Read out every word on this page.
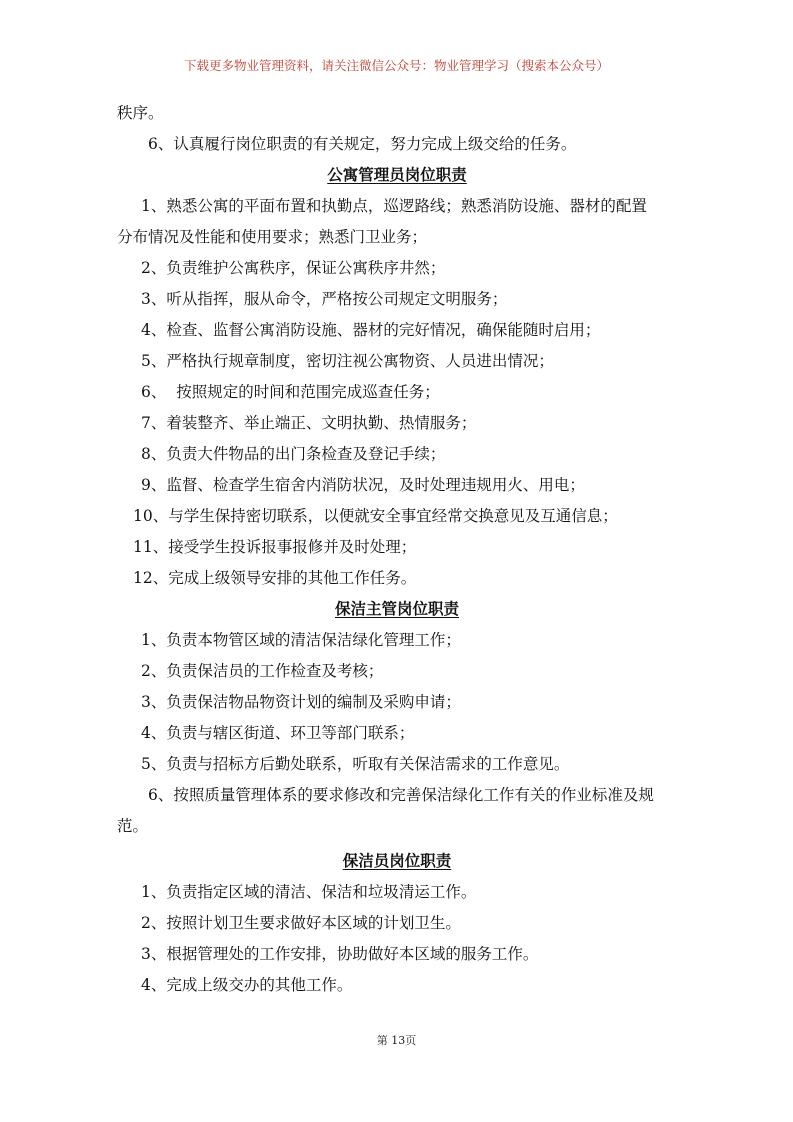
下载更多物业管理资料，请关注微信公众号：物业管理学习（搜索本公众号）
秩序。
6、认真履行岗位职责的有关规定，努力完成上级交给的任务。
公寓管理员岗位职责
1、熟悉公寓的平面布置和执勤点，巡逻路线；熟悉消防设施、器材的配置
分布情况及性能和使用要求；熟悉门卫业务；
2、负责维护公寓秩序，保证公寓秩序井然；
3、听从指挥，服从命令，严格按公司规定文明服务；
4、检查、监督公寓消防设施、器材的完好情况，确保能随时启用；
5、严格执行规章制度，密切注视公寓物资、人员进出情况；
6、  按照规定的时间和范围完成巡查任务；
7、着装整齐、举止端正、文明执勤、热情服务；
8、负责大件物品的出门条检查及登记手续；
9、监督、检查学生宿舍内消防状况，及时处理违规用火、用电；
10、与学生保持密切联系，以便就安全事宜经常交换意见及互通信息；
11、接受学生投诉报事报修并及时处理；
12、完成上级领导安排的其他工作任务。
保洁主管岗位职责
1、负责本物管区域的清洁保洁绿化管理工作；
2、负责保洁员的工作检查及考核；
3、负责保洁物品物资计划的编制及采购申请；
4、负责与辖区街道、环卫等部门联系；
5、负责与招标方后勤处联系，听取有关保洁需求的工作意见。
6、按照质量管理体系的要求修改和完善保洁绿化工作有关的作业标准及规
范。
保洁员岗位职责
1、负责指定区域的清洁、保洁和垃圾清运工作。
2、按照计划卫生要求做好本区域的计划卫生。
3、根据管理处的工作安排，协助做好本区域的服务工作。
4、完成上级交办的其他工作。
第 13页
